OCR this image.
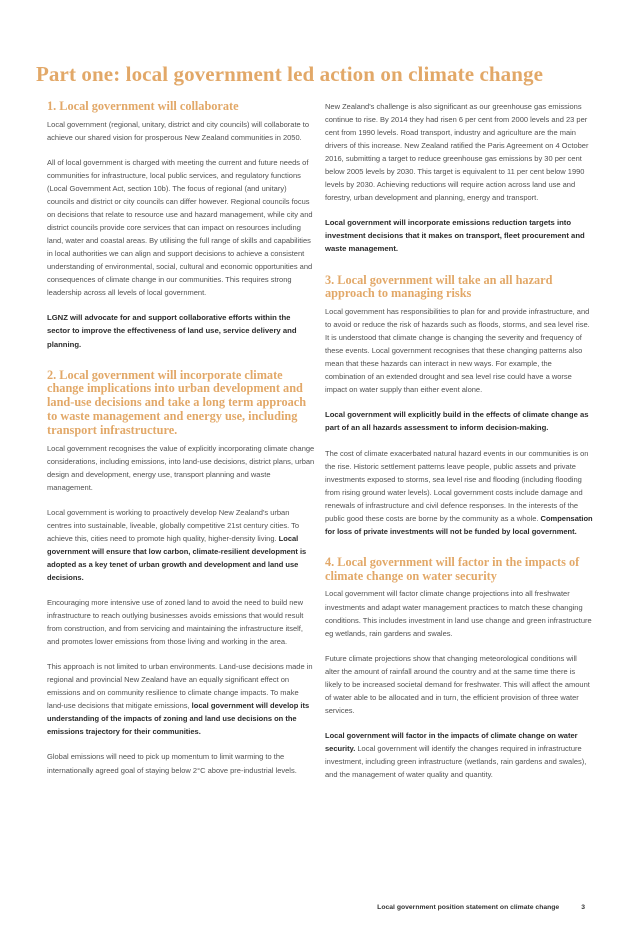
Part one: local government led action on climate change
1. Local government will collaborate

Local government (regional, unitary, district and city councils) will collaborate to achieve our shared vision for prosperous New Zealand communities in 2050.

All of local government is charged with meeting the current and future needs of communities for infrastructure, local public services, and regulatory functions (Local Government Act, section 10b). The focus of regional (and unitary) councils and district or city councils can differ however. Regional councils focus on decisions that relate to resource use and hazard management, while city and district councils provide core services that can impact on resources including land, water and coastal areas. By utilising the full range of skills and capabilities in local authorities we can align and support decisions to achieve a consistent understanding of environmental, social, cultural and economic opportunities and consequences of climate change in our communities. This requires strong leadership across all levels of local government.

LGNZ will advocate for and support collaborative efforts within the sector to improve the effectiveness of land use, service delivery and planning.

2. Local government will incorporate climate change implications into urban development and land-use decisions and take a long term approach to waste management and energy use, including transport infrastructure.

Local government recognises the value of explicitly incorporating climate change considerations, including emissions, into land-use decisions, district plans, urban design and development, energy use, transport planning and waste management.

Local government is working to proactively develop New Zealand's urban centres into sustainable, liveable, globally competitive 21st century cities. To achieve this, cities need to promote high quality, higher-density living. Local government will ensure that low carbon, climate-resilient development is adopted as a key tenet of urban growth and development and land use decisions.

Encouraging more intensive use of zoned land to avoid the need to build new infrastructure to reach outlying businesses avoids emissions that would result from construction, and from servicing and maintaining the infrastructure itself, and promotes lower emissions from those living and working in the area.

This approach is not limited to urban environments. Land-use decisions made in regional and provincial New Zealand have an equally significant effect on emissions and on community resilience to climate change impacts. To make land-use decisions that mitigate emissions, local government will develop its understanding of the impacts of zoning and land use decisions on the emissions trajectory for their communities.

Global emissions will need to pick up momentum to limit warming to the internationally agreed goal of staying below 2°C above pre-industrial levels.

New Zealand's challenge is also significant as our greenhouse gas emissions continue to rise. By 2014 they had risen 6 per cent from 2000 levels and 23 per cent from 1990 levels. Road transport, industry and agriculture are the main drivers of this increase. New Zealand ratified the Paris Agreement on 4 October 2016, submitting a target to reduce greenhouse gas emissions by 30 per cent below 2005 levels by 2030. This target is equivalent to 11 per cent below 1990 levels by 2030. Achieving reductions will require action across land use and forestry, urban development and planning, energy and transport.

Local government will incorporate emissions reduction targets into investment decisions that it makes on transport, fleet procurement and waste management.

3. Local government will take an all hazard approach to managing risks

Local government has responsibilities to plan for and provide infrastructure, and to avoid or reduce the risk of hazards such as floods, storms, and sea level rise. It is understood that climate change is changing the severity and frequency of these events. Local government recognises that these changing patterns also mean that these hazards can interact in new ways. For example, the combination of an extended drought and sea level rise could have a worse impact on water supply than either event alone.

Local government will explicitly build in the effects of climate change as part of an all hazards assessment to inform decision-making.

The cost of climate exacerbated natural hazard events in our communities is on the rise. Historic settlement patterns leave people, public assets and private investments exposed to storms, sea level rise and flooding (including flooding from rising ground water levels). Local government costs include damage and renewals of infrastructure and civil defence responses. In the interests of the public good these costs are borne by the community as a whole. Compensation for loss of private investments will not be funded by local government.

4. Local government will factor in the impacts of climate change on water security

Local government will factor climate change projections into all freshwater investments and adapt water management practices to match these changing conditions. This includes investment in land use change and green infrastructure eg wetlands, rain gardens and swales.

Future climate projections show that changing meteorological conditions will alter the amount of rainfall around the country and at the same time there is likely to be increased societal demand for freshwater. This will affect the amount of water able to be allocated and in turn, the efficient provision of three water services.

Local government will factor in the impacts of climate change on water security. Local government will identify the changes required in infrastructure investment, including green infrastructure (wetlands, rain gardens and swales), and the management of water quality and quantity.

Local government position statement on climate change	3
